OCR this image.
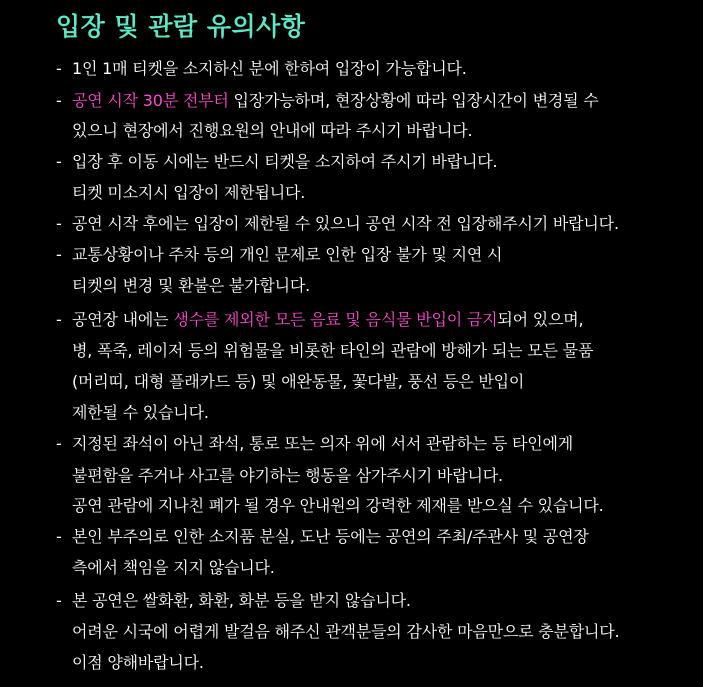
입장 및 관람 유의사항
- 1인 1매 티켓을 소지하신 분에 한하여 입장이 가능합니다.
- 공연 시작 30분 전부터 입장가능하며, 현장상황에 따라 입장시간이 변경될 수
있으니 현장에서 진행요원의 안내에 따라 주시기 바랍니다.
- 입장 후 이동 시에는 반드시 티켓을 소지하여 주시기 바랍니다.
티켓 미소지시 입장이 제한됩니다.
- 공연 시작 후에는 입장이 제한될 수 있으니 공연 시작 전 입장해주시기 바랍니다.
- 교통상황이나 주차 등의 개인 문제로 인한 입장 불가 및 지연 시
티켓의 변경 및 환불은 불가합니다.
- 공연장 내에는 생수를 제외한 모든 음료 및 음식물 반입이 금지되어 있으며,
병, 폭죽, 레이저 등의 위험물을 비롯한 타인의 관람에 방해가 되는 모든 물품
(머리띠, 대형 플래카드 등) 및 애완동물, 꽃다발, 풍선 등은 반입이
제한될 수 있습니다.
- 지정된 좌석이 아닌 좌석, 통로 또는 의자 위에 서서 관람하는 등 타인에게
불편함을 주거나 사고를 야기하는 행동을 삼가주시기 바랍니다.
공연 관람에 지나친 폐가 될 경우 안내원의 강력한 제재를 받으실 수 있습니다.
- 본인 부주의로 인한 소지품 분실, 도난 등에는 공연의 주최/주관사 및 공연장
측에서 책임을 지지 않습니다.
- 본 공연은 쌀화환, 화환, 화분 등을 받지 않습니다.
어려운 시국에 어렵게 발걸음 해주신 관객분들의 감사한 마음만으로 충분합니다.
이점 양해바랍니다.
